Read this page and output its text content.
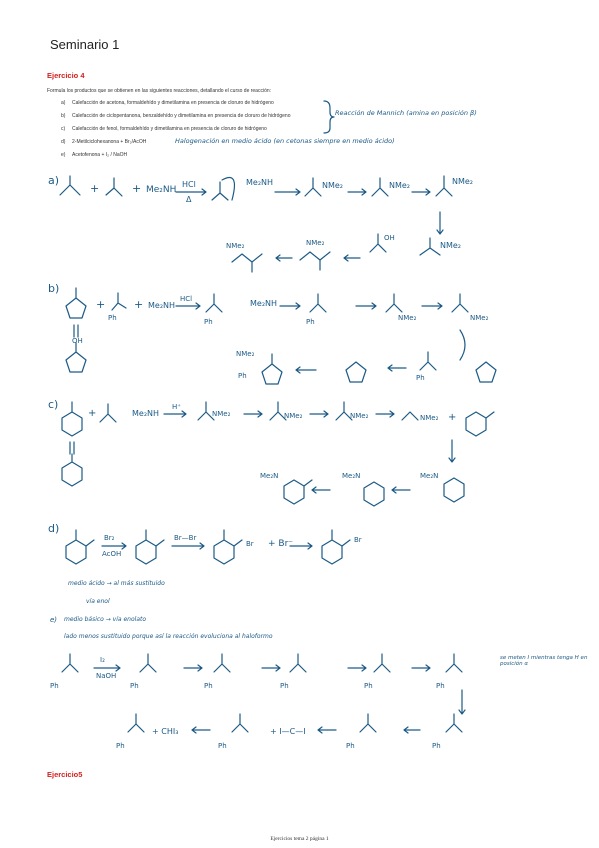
Seminario 1
Ejercicio 4
Formula los productos que se obtienen en las siguientes reacciones, detallando el curso de reacción:
a) Calefacción de acetona, formaldehído y dimetilamina en presencia de cloruro de hidrógeno
b) Calefacción de ciclopentanona, benzaldehído y dimetilamina en presencia de cloruro de hidrógeno
c) Calefacción de fenol, formaldehído y dimetilamina en presencia de cloruro de hidrógeno
d) 2-Metilciclohexanona + Br₂/AcOH
e) Acetofenona + I₂ / NaOH
Reacción de Mannich (amina en posición β)
Halogenación en medio ácido (en cetonas siempre en medio ácido)
a)
+	+ Me₂NH
HCl
Δ
Me₂NH	NMe₂	NMe₂	NMe₂
NMe₂
OH
NMe₂
NMe₂
b)
OH
+
Ph
+ Me₂NH
HCl
Ph
Me₂NH
Ph	NMe₂	NMe₂
Ph
NMe₂
Ph
c)
+	Me₂NH
H⁺
NMe₂	NMe₂	NMe₂	NMe₂ +
Me₂N
Me₂N
Me₂N
d)
Br₂
AcOH
Br—Br
Br + Br⁻	Br
medio ácido → al más sustituido
vía enol
e) medio básico → vía enolato
lado menos sustituido porque así la reacción evoluciona al haloformo
se meten I mientras tenga H en posición α
Ph
I₂
NaOH
Ph	Ph	Ph	Ph	Ph
Ph
Ph
+ I—C—I
Ph
Ph
+ CHI₃
Ejercicio5
Ejercicios tema 2 página 1
